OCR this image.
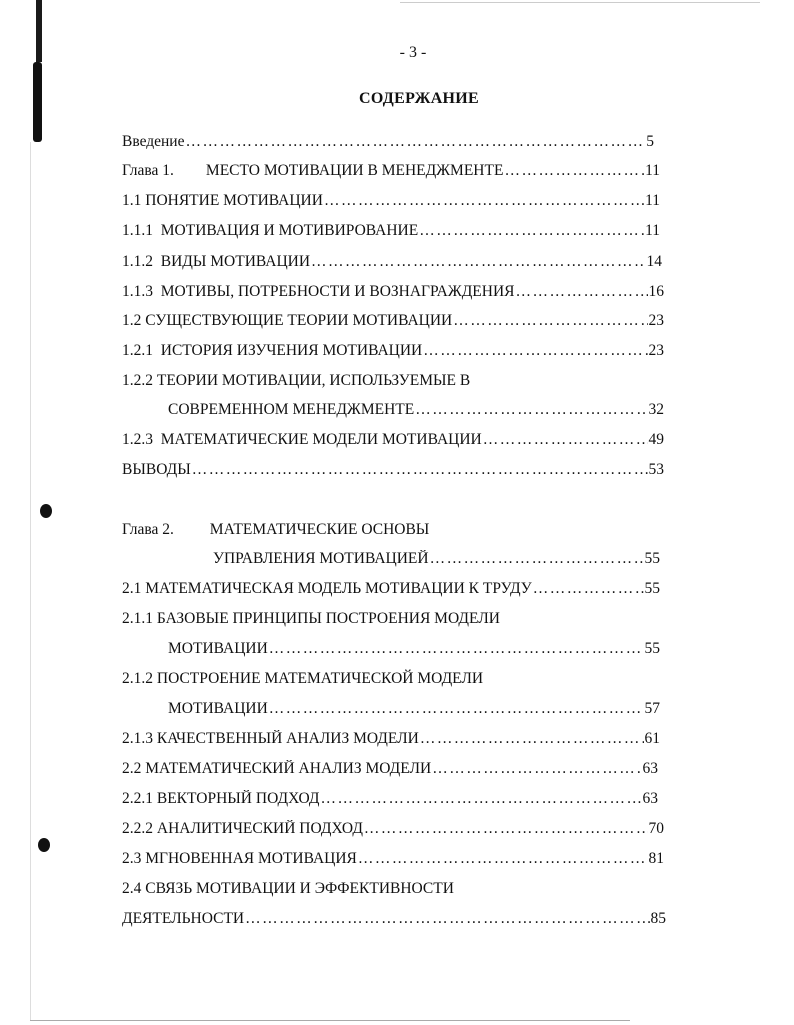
- 3 -
СОДЕРЖАНИЕ
Введение …………………………………………………………………………………………………………………………………………………………	5
Глава 1. МЕСТО МОТИВАЦИИ В МЕНЕДЖМЕНТЕ …………………………………………………………………………………………………………………………………………………………	11
1.1 ПОНЯТИЕ МОТИВАЦИИ …………………………………………………………………………………………………………………………………………………………	11
1.1.1  МОТИВАЦИЯ И МОТИВИРОВАНИЕ …………………………………………………………………………………………………………………………………………………………	11
1.1.2  ВИДЫ МОТИВАЦИИ …………………………………………………………………………………………………………………………………………………………	14
1.1.3  МОТИВЫ, ПОТРЕБНОСТИ И ВОЗНАГРАЖДЕНИЯ …………………………………………………………………………………………………………………………………………………………	16
1.2 СУЩЕСТВУЮЩИЕ ТЕОРИИ МОТИВАЦИИ …………………………………………………………………………………………………………………………………………………………	23
1.2.1  ИСТОРИЯ ИЗУЧЕНИЯ МОТИВАЦИИ …………………………………………………………………………………………………………………………………………………………	23
1.2.2 ТЕОРИИ МОТИВАЦИИ, ИСПОЛЬЗУЕМЫЕ В
СОВРЕМЕННОМ МЕНЕДЖМЕНТЕ …………………………………………………………………………………………………………………………………………………………	32
1.2.3  МАТЕМАТИЧЕСКИЕ МОДЕЛИ МОТИВАЦИИ …………………………………………………………………………………………………………………………………………………………	49
ВЫВОДЫ …………………………………………………………………………………………………………………………………………………………	53
Глава 2. МАТЕМАТИЧЕСКИЕ ОСНОВЫ
УПРАВЛЕНИЯ МОТИВАЦИЕЙ …………………………………………………………………………………………………………………………………………………………	55
2.1 МАТЕМАТИЧЕСКАЯ МОДЕЛЬ МОТИВАЦИИ К ТРУДУ …………………………………………………………………………………………………………………………………………………………	55
2.1.1 БАЗОВЫЕ ПРИНЦИПЫ ПОСТРОЕНИЯ МОДЕЛИ
МОТИВАЦИИ …………………………………………………………………………………………………………………………………………………………	55
2.1.2 ПОСТРОЕНИЕ МАТЕМАТИЧЕСКОЙ МОДЕЛИ
МОТИВАЦИИ …………………………………………………………………………………………………………………………………………………………	57
2.1.3 КАЧЕСТВЕННЫЙ АНАЛИЗ МОДЕЛИ …………………………………………………………………………………………………………………………………………………………	61
2.2 МАТЕМАТИЧЕСКИЙ АНАЛИЗ МОДЕЛИ …………………………………………………………………………………………………………………………………………………………	63
2.2.1 ВЕКТОРНЫЙ ПОДХОД …………………………………………………………………………………………………………………………………………………………	63
2.2.2 АНАЛИТИЧЕСКИЙ ПОДХОД …………………………………………………………………………………………………………………………………………………………	70
2.3 МГНОВЕННАЯ МОТИВАЦИЯ …………………………………………………………………………………………………………………………………………………………	81
2.4 СВЯЗЬ МОТИВАЦИИ И ЭФФЕКТИВНОСТИ
ДЕЯТЕЛЬНОСТИ …………………………………………………………………………………………………………………………………………………………	85
